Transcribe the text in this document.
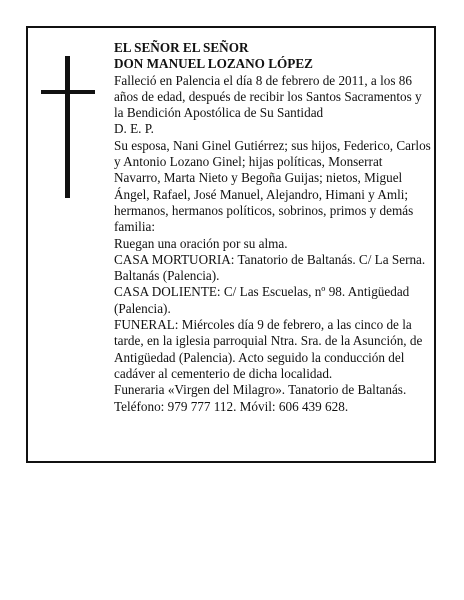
EL SEÑOR EL SEÑOR

DON MANUEL LOZANO LÓPEZ

Falleció en Palencia el día 8 de febrero de 2011, a los 86 años de edad, después de recibir los Santos Sacramentos y la Bendición Apostólica de Su Santidad

D. E. P.

Su esposa, Nani Ginel Gutiérrez; sus hijos, Federico, Carlos y Antonio Lozano Ginel; hijas políticas, Monserrat Navarro, Marta Nieto y Begoña Guijas; nietos, Miguel Ángel, Rafael, José Manuel, Alejandro, Himani y Amli; hermanos, hermanos políticos, sobrinos, primos y demás familia:

Ruegan una oración por su alma.

CASA MORTUORIA: Tanatorio de Baltanás. C/ La Serna. Baltanás (Palencia).

CASA DOLIENTE: C/ Las Escuelas, nº 98. Antigüedad (Palencia).

FUNERAL: Miércoles día 9 de febrero, a las cinco de la tarde, en la iglesia parroquial Ntra. Sra. de la Asunción, de Antigüedad (Palencia). Acto seguido la conducción del cadáver al cementerio de dicha localidad.

Funeraria «Virgen del Milagro». Tanatorio de Baltanás. Teléfono: 979 777 112. Móvil: 606 439 628.
